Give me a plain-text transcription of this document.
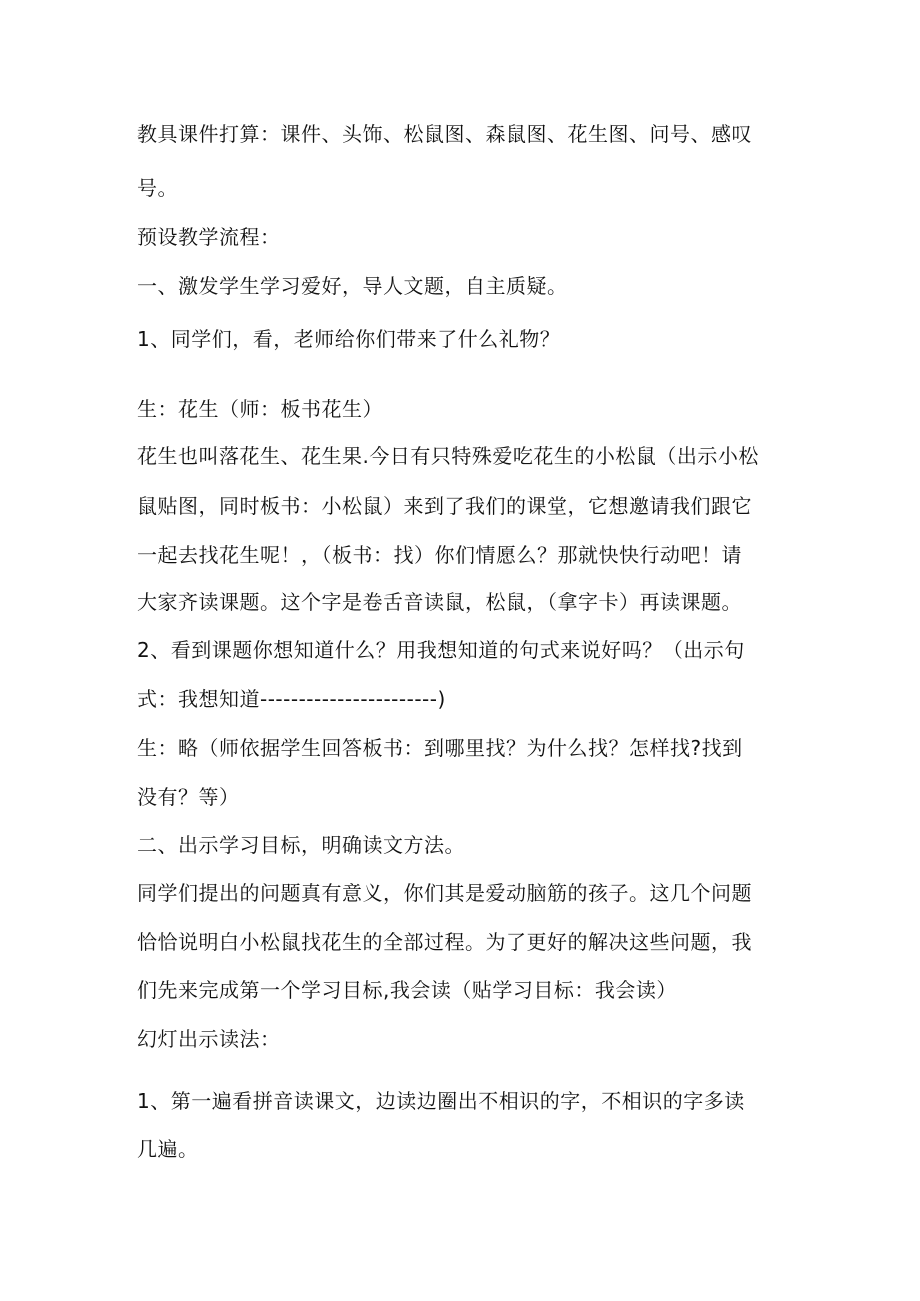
教具课件打算：课件、头饰、松鼠图、森鼠图、花生图、问号、感叹
号。
预设教学流程：
一、激发学生学习爱好，导人文题，自主质疑。
1、同学们，看，老师给你们带来了什么礼物？
生：花生（师：板书花生）
花生也叫落花生、花生果.今日有只特殊爱吃花生的小松鼠（出示小松
鼠贴图，同时板书：小松鼠）来到了我们的课堂，它想邀请我们跟它
一起去找花生呢！，（板书：找）你们情愿么？那就快快行动吧！请
大家齐读课题。这个字是卷舌音读鼠，松鼠，（拿字卡）再读课题。
2、看到课题你想知道什么？用我想知道的句式来说好吗？（出示句
式：我想知道-----------------------)
生：略（师依据学生回答板书：到哪里找？为什么找？怎样找?找到
没有？等）
二、出示学习目标，明确读文方法。
同学们提出的问题真有意义，你们其是爱动脑筋的孩子。这几个问题
恰恰说明白小松鼠找花生的全部过程。为了更好的解决这些问题，我
们先来完成第一个学习目标,我会读（贴学习目标：我会读）
幻灯出示读法：
1、第一遍看拼音读课文，边读边圈出不相识的字，不相识的字多读
几遍。
